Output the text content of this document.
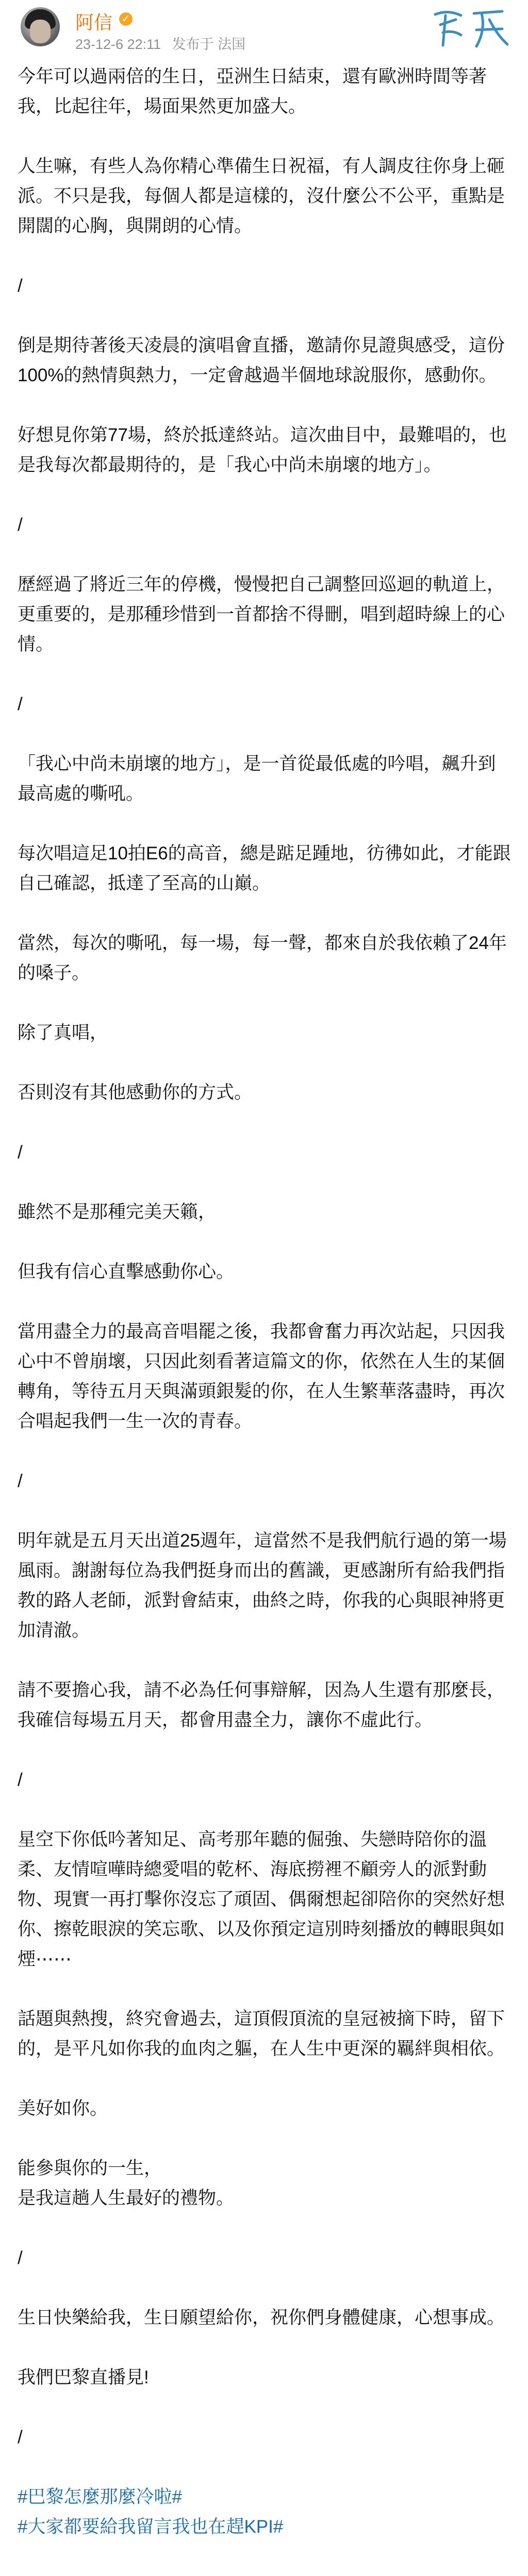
阿信 ✓
23-12-6 22:11 发布于 法国

今年可以過兩倍的生日，亞洲生日結束，還有歐洲時間等著我，比起往年，場面果然更加盛大。

人生嘛，有些人為你精心準備生日祝福，有人調皮往你身上砸派。不只是我，每個人都是這樣的，沒什麼公不公平，重點是開闊的心胸，與開朗的心情。

/

倒是期待著後天凌晨的演唱會直播，邀請你見證與感受，這份100%的熱情與熱力，一定會越過半個地球說服你，感動你。

好想見你第77場，終於抵達終站。這次曲目中，最難唱的，也是我每次都最期待的，是「我心中尚未崩壞的地方」。

/

歷經過了將近三年的停機，慢慢把自己調整回巡迴的軌道上，更重要的，是那種珍惜到一首都捨不得刪，唱到超時線上的心情。

/

「我心中尚未崩壞的地方」，是一首從最低處的吟唱，飆升到最高處的嘶吼。

每次唱這足10拍E6的高音，總是踮足踵地，彷彿如此，才能跟自己確認，抵達了至高的山巔。

當然，每次的嘶吼，每一場，每一聲，都來自於我依賴了24年的嗓子。

除了真唱，

否則沒有其他感動你的方式。

/

雖然不是那種完美天籟，

但我有信心直擊感動你心。

當用盡全力的最高音唱罷之後，我都會奮力再次站起，只因我心中不曾崩壞，只因此刻看著這篇文的你，依然在人生的某個轉角，等待五月天與滿頭銀髮的你，在人生繁華落盡時，再次合唱起我們一生一次的青春。

/

明年就是五月天出道25週年，這當然不是我們航行過的第一場風雨。謝謝每位為我們挺身而出的舊識，更感謝所有給我們指教的路人老師，派對會結束，曲終之時，你我的心與眼神將更加清澈。

請不要擔心我，請不必為任何事辯解，因為人生還有那麼長，我確信每場五月天，都會用盡全力，讓你不虛此行。

/

星空下你低吟著知足、高考那年聽的倔強、失戀時陪你的溫柔、友情喧嘩時總愛唱的乾杯、海底撈裡不顧旁人的派對動物、現實一再打擊你沒忘了頑固、偶爾想起卻陪你的突然好想你、擦乾眼淚的笑忘歌、以及你預定這別時刻播放的轉眼與如煙⋯⋯

話題與熱搜，終究會過去，這頂假頂流的皇冠被摘下時，留下的，是平凡如你我的血肉之軀，在人生中更深的羈絆與相依。

美好如你。

能參與你的一生，

是我這趟人生最好的禮物。

/

生日快樂給我，生日願望給你，祝你們身體健康，心想事成。

我們巴黎直播見!

/

#巴黎怎麼那麼冷啦#

#大家都要給我留言我也在趕KPI#
